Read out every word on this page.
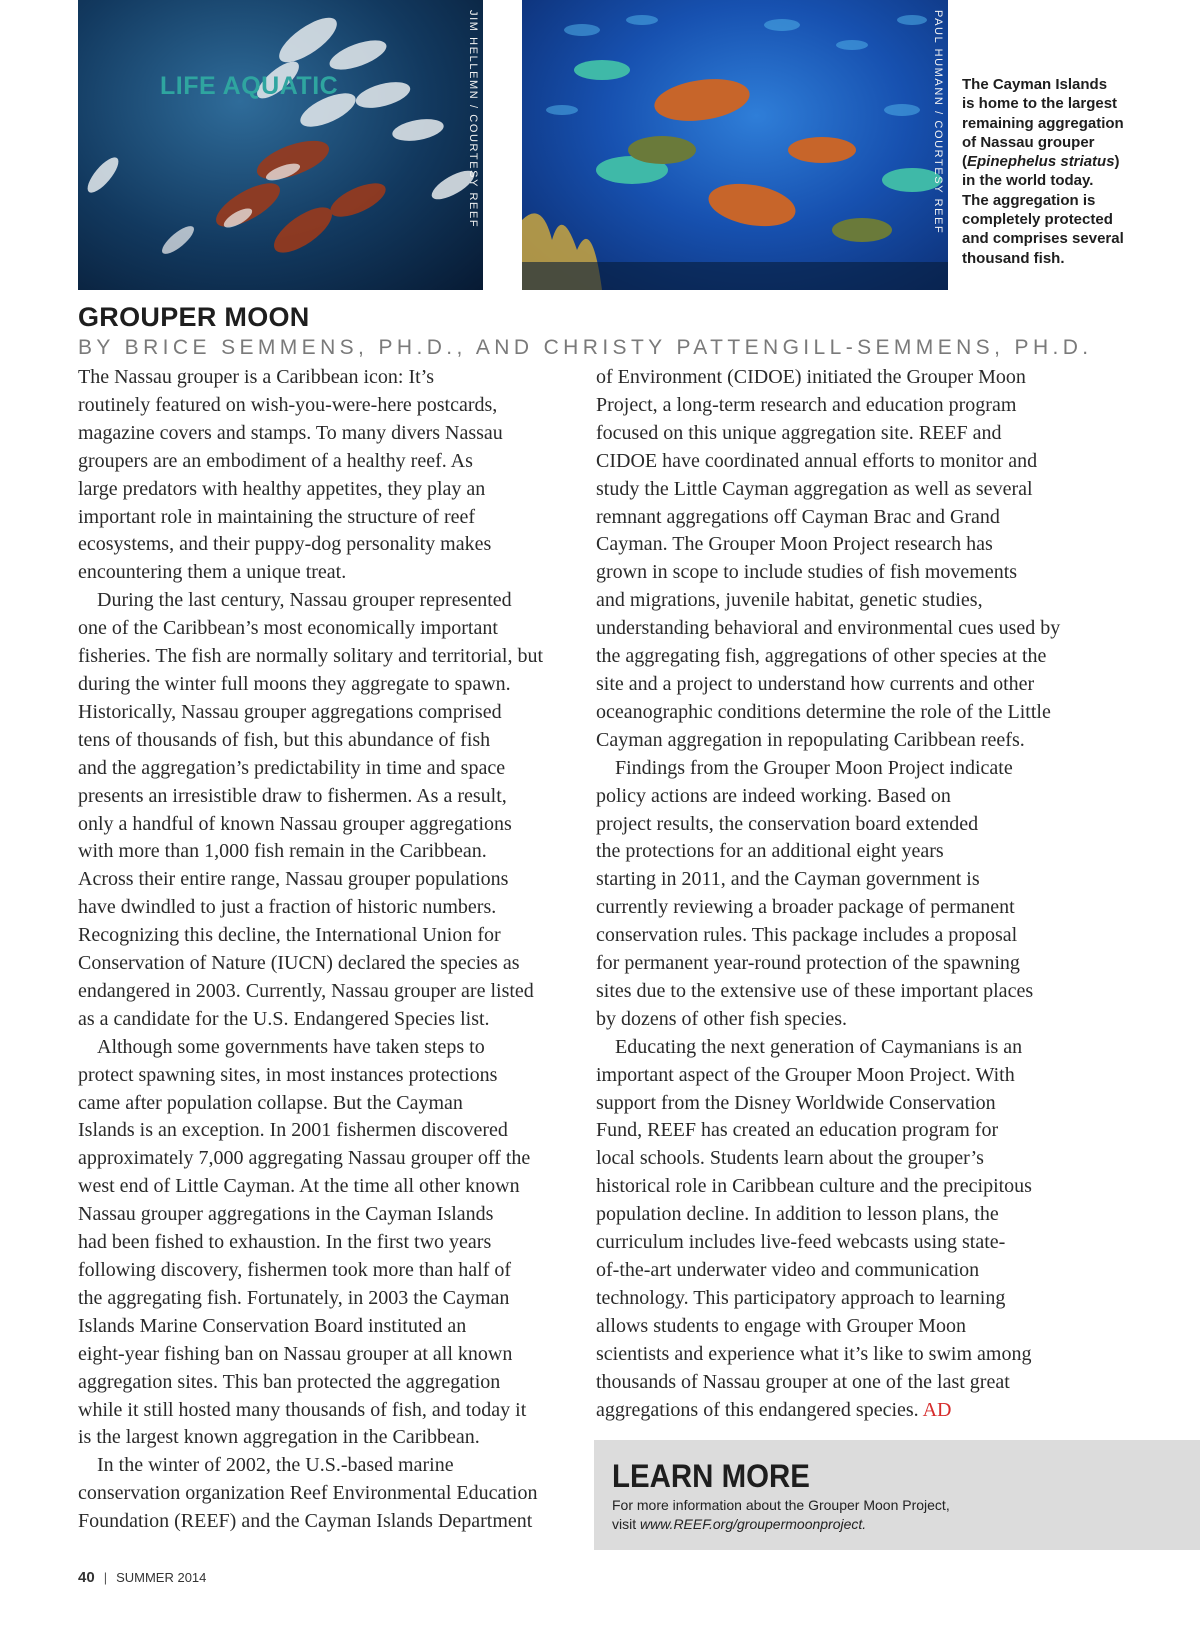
LIFE AQUATIC	JIM HELLEMN / COURTESY REEF	PAUL HUMANN / COURTESY REEF The Cayman Islands
is home to the largest
remaining aggregation
of Nassau grouper
(Epinephelus striatus)
in the world today.
The aggregation is
completely protected
and comprises several
thousand fish.
GROUPER MOON
BY BRICE SEMMENS, PH.D., AND CHRISTY PATTENGILL-SEMMENS, PH.D.

The Nassau grouper is a Caribbean icon: It’s
routinely featured on wish-you-were-here postcards,
magazine covers and stamps. To many divers Nassau
groupers are an embodiment of a healthy reef. As
large predators with healthy appetites, they play an
important role in maintaining the structure of reef
ecosystems, and their puppy-dog personality makes
encountering them a unique treat.

During the last century, Nassau grouper represented
one of the Caribbean’s most economically important
fisheries. The fish are normally solitary and territorial, but
during the winter full moons they aggregate to spawn.
Historically, Nassau grouper aggregations comprised
tens of thousands of fish, but this abundance of fish
and the aggregation’s predictability in time and space
presents an irresistible draw to fishermen. As a result,
only a handful of known Nassau grouper aggregations
with more than 1,000 fish remain in the Caribbean.
Across their entire range, Nassau grouper populations
have dwindled to just a fraction of historic numbers.
Recognizing this decline, the International Union for
Conservation of Nature (IUCN) declared the species as
endangered in 2003. Currently, Nassau grouper are listed
as a candidate for the U.S. Endangered Species list.

Although some governments have taken steps to
protect spawning sites, in most instances protections
came after population collapse. But the Cayman
Islands is an exception. In 2001 fishermen discovered
approximately 7,000 aggregating Nassau grouper off the
west end of Little Cayman. At the time all other known
Nassau grouper aggregations in the Cayman Islands
had been fished to exhaustion. In the first two years
following discovery, fishermen took more than half of
the aggregating fish. Fortunately, in 2003 the Cayman
Islands Marine Conservation Board instituted an
eight-year fishing ban on Nassau grouper at all known
aggregation sites. This ban protected the aggregation
while it still hosted many thousands of fish, and today it
is the largest known aggregation in the Caribbean.

In the winter of 2002, the U.S.-based marine
conservation organization Reef Environmental Education
Foundation (REEF) and the Cayman Islands Department

of Environment (CIDOE) initiated the Grouper Moon
Project, a long-term research and education program
focused on this unique aggregation site. REEF and
CIDOE have coordinated annual efforts to monitor and
study the Little Cayman aggregation as well as several
remnant aggregations off Cayman Brac and Grand
Cayman. The Grouper Moon Project research has
grown in scope to include studies of fish movements
and migrations, juvenile habitat, genetic studies,
understanding behavioral and environmental cues used by
the aggregating fish, aggregations of other species at the
site and a project to understand how currents and other
oceanographic conditions determine the role of the Little
Cayman aggregation in repopulating Caribbean reefs.

Findings from the Grouper Moon Project indicate
policy actions are indeed working. Based on
project results, the conservation board extended
the protections for an additional eight years
starting in 2011, and the Cayman government is
currently reviewing a broader package of permanent
conservation rules. This package includes a proposal
for permanent year-round protection of the spawning
sites due to the extensive use of these important places
by dozens of other fish species.

Educating the next generation of Caymanians is an
important aspect of the Grouper Moon Project. With
support from the Disney Worldwide Conservation
Fund, REEF has created an education program for
local schools. Students learn about the grouper’s
historical role in Caribbean culture and the precipitous
population decline. In addition to lesson plans, the
curriculum includes live-feed webcasts using state-
of-the-art underwater video and communication
technology. This participatory approach to learning
allows students to engage with Grouper Moon
scientists and experience what it’s like to swim among
thousands of Nassau grouper at one of the last great
aggregations of this endangered species. AD

LEARN MORE
For more information about the Grouper Moon Project,
visit www.REEF.org/groupermoonproject.
40 | SUMMER 2014
